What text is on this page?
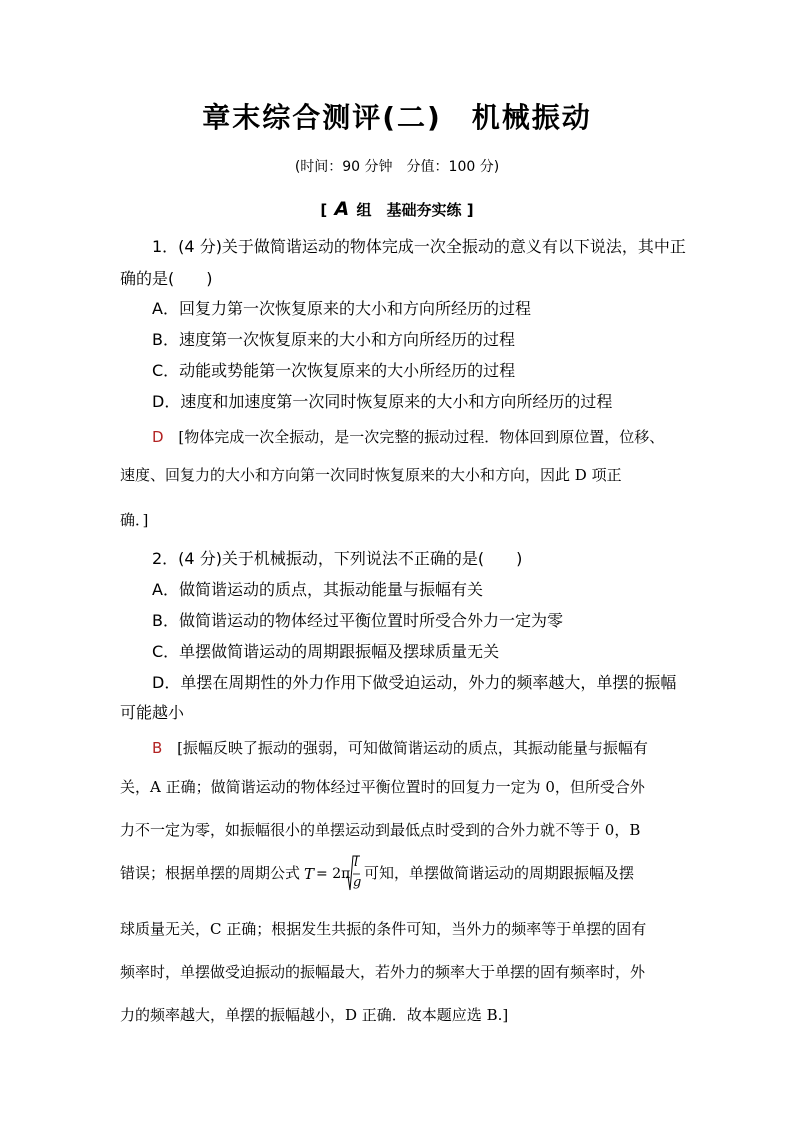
章末综合测评(二) 机械振动
(时间：90 分钟　分值：100 分)
[ A 组　基础夯实练 ]
1．(4 分)关于做简谐运动的物体完成一次全振动的意义有以下说法，其中正
确的是(　　)
A．回复力第一次恢复原来的大小和方向所经历的过程
B．速度第一次恢复原来的大小和方向所经历的过程
C．动能或势能第一次恢复原来的大小所经历的过程
D．速度和加速度第一次同时恢复原来的大小和方向所经历的过程
D [物体完成一次全振动，是一次完整的振动过程．物体回到原位置，位移、
速度、回复力的大小和方向第一次同时恢复原来的大小和方向，因此 D 项正
确．]
2．(4 分)关于机械振动，下列说法不正确的是(　　)
A．做简谐运动的质点，其振动能量与振幅有关
B．做简谐运动的物体经过平衡位置时所受合外力一定为零
C．单摆做简谐运动的周期跟振幅及摆球质量无关
D．单摆在周期性的外力作用下做受迫运动，外力的频率越大，单摆的振幅
可能越小
B [振幅反映了振动的强弱，可知做简谐运动的质点，其振动能量与振幅有
关，A 正确；做简谐运动的物体经过平衡位置时的回复力一定为 0，但所受合外
力不一定为零，如振幅很小的单摆运动到最低点时受到的合外力就不等于 0，B
错误；根据单摆的周期公式 T = 2π
l
g
可知，单摆做简谐运动的周期跟振幅及摆
球质量无关，C 正确；根据发生共振的条件可知，当外力的频率等于单摆的固有
频率时，单摆做受迫振动的振幅最大，若外力的频率大于单摆的固有频率时，外
力的频率越大，单摆的振幅越小，D 正确．故本题应选 B.]
